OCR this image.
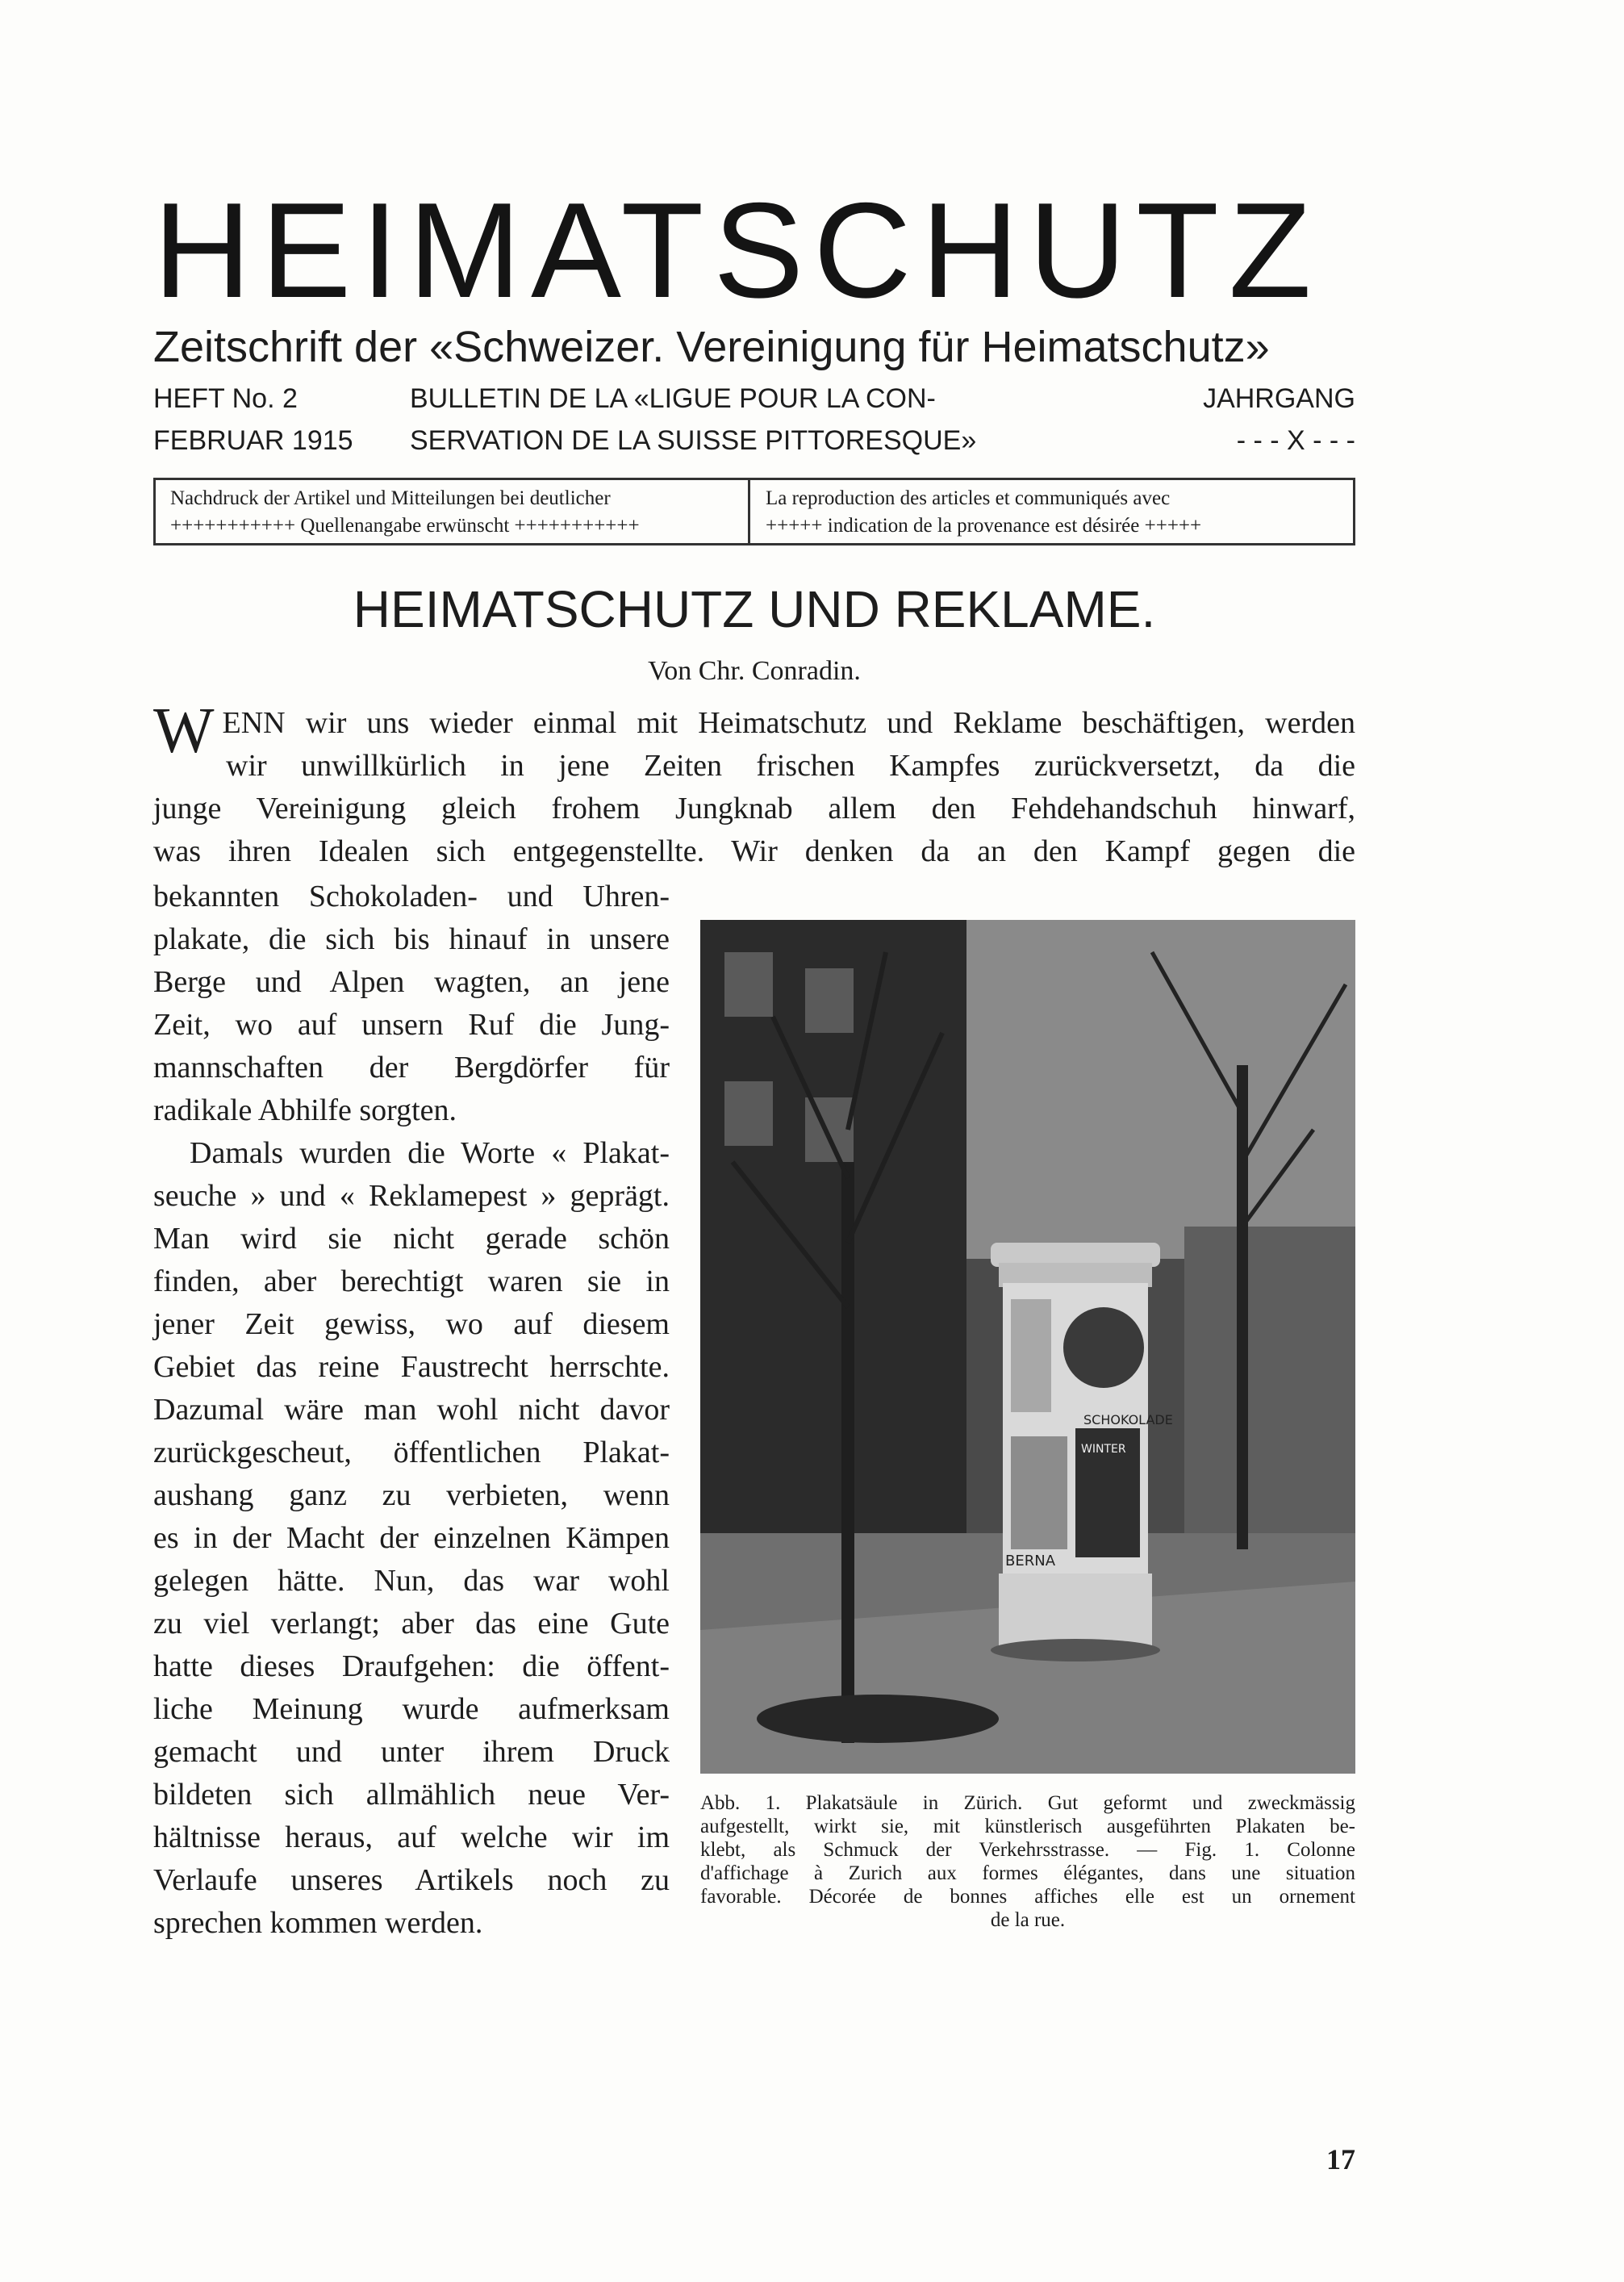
HEIMATSCHUTZ
Zeitschrift der «Schweizer. Vereinigung für Heimatschutz»
HEFT No. 2
FEBRUAR 1915
BULLETIN DE LA «LIGUE POUR LA CON-
SERVATION DE LA SUISSE PITTORESQUE»
JAHRGANG
- - - X - - -
Nachdruck der Artikel und Mitteilungen bei deutlicher
+++++++++++ Quellenangabe erwünscht +++++++++++
La reproduction des articles et communiqués avec
+++++ indication de la provenance est désirée +++++
HEIMATSCHUTZ UND REKLAME.
Von Chr. Conradin.
W ENN wir uns wieder einmal mit Heimatschutz und Reklame beschäftigen, werden
wir unwillkürlich in jene Zeiten frischen Kampfes zurückversetzt, da die
junge Vereinigung gleich frohem Jungknab allem den Fehdehandschuh hinwarf,
was ihren Idealen sich entgegenstellte. Wir denken da an den Kampf gegen die
bekannten Schokoladen- und Uhren-
plakate, die sich bis hinauf in unsere
Berge und Alpen wagten, an jene
Zeit, wo auf unsern Ruf die Jung-
mannschaften der Bergdörfer für
radikale Abhilfe sorgten.
Damals wurden die Worte « Plakat-
seuche » und « Reklamepest » geprägt.
Man wird sie nicht gerade schön
finden, aber berechtigt waren sie in
jener Zeit gewiss, wo auf diesem
Gebiet das reine Faustrecht herrschte.
Dazumal wäre man wohl nicht davor
zurückgescheut, öffentlichen Plakat-
aushang ganz zu verbieten, wenn
es in der Macht der einzelnen Kämpen
gelegen hätte. Nun, das war wohl
zu viel verlangt; aber das eine Gute
hatte dieses Draufgehen: die öffent-
liche Meinung wurde aufmerksam
gemacht und unter ihrem Druck
bildeten sich allmählich neue Ver-
hältnisse heraus, auf welche wir im
Verlaufe unseres Artikels noch zu
sprechen kommen werden.
SCHOKOLADE
WINTER
BERNA
Abb. 1. Plakatsäule in Zürich. Gut geformt und zweckmässig
aufgestellt, wirkt sie, mit künstlerisch ausgeführten Plakaten be-
klebt, als Schmuck der Verkehrsstrasse. — Fig. 1. Colonne
d'affichage à Zurich aux formes élégantes, dans une situation
favorable. Décorée de bonnes affiches elle est un ornement
de la rue.
17
